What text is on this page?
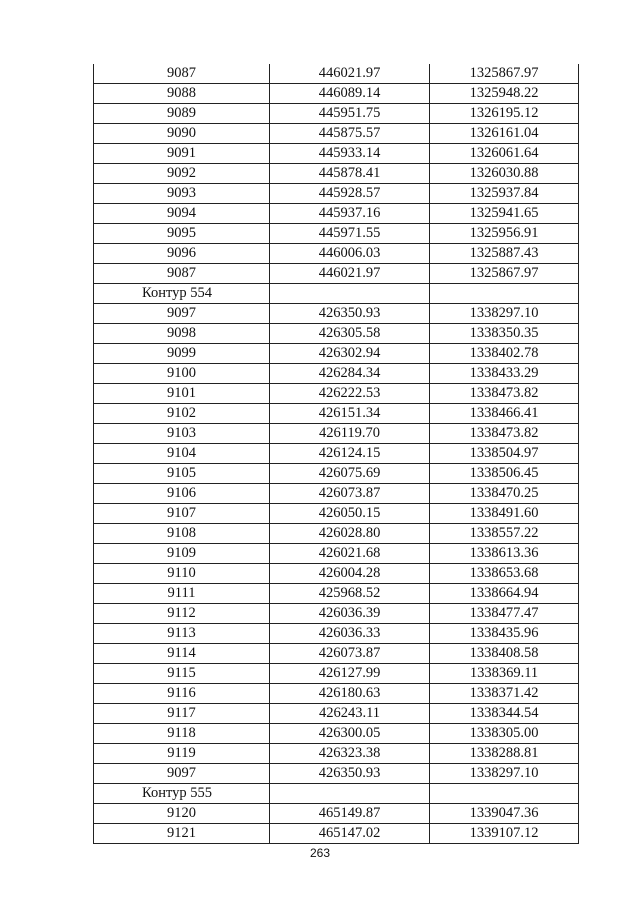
9087	446021.97	1325867.97
9088	446089.14	1325948.22
9089	445951.75	1326195.12
9090	445875.57	1326161.04
9091	445933.14	1326061.64
9092	445878.41	1326030.88
9093	445928.57	1325937.84
9094	445937.16	1325941.65
9095	445971.55	1325956.91
9096	446006.03	1325887.43
9087	446021.97	1325867.97
Контур 554		
9097	426350.93	1338297.10
9098	426305.58	1338350.35
9099	426302.94	1338402.78
9100	426284.34	1338433.29
9101	426222.53	1338473.82
9102	426151.34	1338466.41
9103	426119.70	1338473.82
9104	426124.15	1338504.97
9105	426075.69	1338506.45
9106	426073.87	1338470.25
9107	426050.15	1338491.60
9108	426028.80	1338557.22
9109	426021.68	1338613.36
9110	426004.28	1338653.68
9111	425968.52	1338664.94
9112	426036.39	1338477.47
9113	426036.33	1338435.96
9114	426073.87	1338408.58
9115	426127.99	1338369.11
9116	426180.63	1338371.42
9117	426243.11	1338344.54
9118	426300.05	1338305.00
9119	426323.38	1338288.81
9097	426350.93	1338297.10
Контур 555		
9120	465149.87	1339047.36
9121	465147.02	1339107.12
263
